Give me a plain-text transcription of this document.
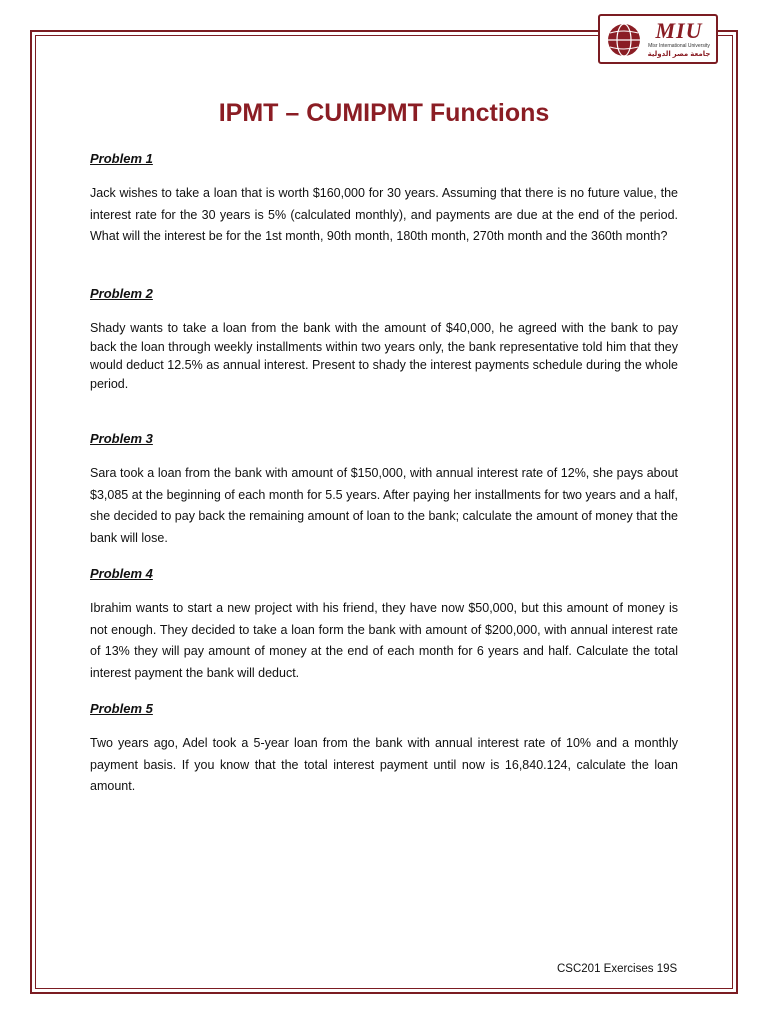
MIU
Misr International University
جامعة مصر الدولية
IPMT – CUMIPMT Functions

Problem 1

Jack wishes to take a loan that is worth $160,000 for 30 years. Assuming that there is no future value, the interest rate for the 30 years is 5% (calculated monthly), and payments are due at the end of the period. What will the interest be for the 1st month, 90th month, 180th month, 270th month and the 360th month?

Problem 2

Shady wants to take a loan from the bank with the amount of $40,000, he agreed with the bank to pay back the loan through weekly installments within two years only, the bank representative told him that they would deduct 12.5% as annual interest. Present to shady the interest payments schedule during the whole period.

Problem 3

Sara took a loan from the bank with amount of $150,000, with annual interest rate of 12%, she pays about $3,085 at the beginning of each month for 5.5 years. After paying her installments for two years and a half, she decided to pay back the remaining amount of loan to the bank; calculate the amount of money that the bank will lose.

Problem 4

Ibrahim wants to start a new project with his friend, they have now $50,000, but this amount of money is not enough. They decided to take a loan form the bank with amount of $200,000, with annual interest rate of 13% they will pay amount of money at the end of each month for 6 years and half. Calculate the total interest payment the bank will deduct.

Problem 5

Two years ago, Adel took a 5-year loan from the bank with annual interest rate of 10% and a monthly payment basis. If you know that the total interest payment until now is 16,840.124, calculate the loan amount.

CSC201 Exercises 19S
